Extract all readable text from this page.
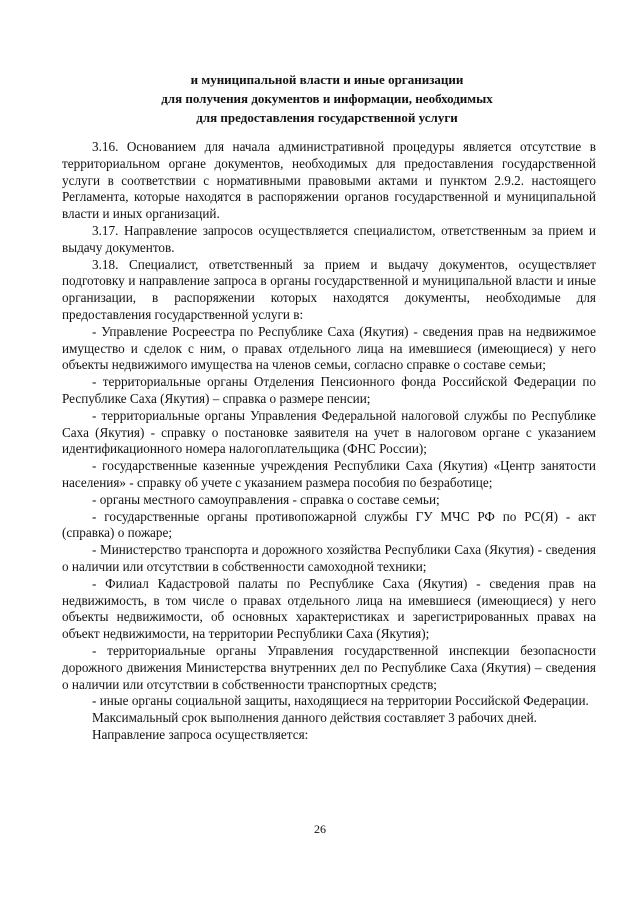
и муниципальной власти и иные организации
для получения документов и информации, необходимых
для предоставления государственной услуги

3.16. Основанием для начала административной процедуры является отсутствие в территориальном органе документов, необходимых для предоставления государственной услуги в соответствии с нормативными правовыми актами и пунктом 2.9.2. настоящего Регламента, которые находятся в распоряжении органов государственной и муниципальной власти и иных организаций.

3.17. Направление запросов осуществляется специалистом, ответственным за прием и выдачу документов.

3.18. Специалист, ответственный за прием и выдачу документов, осуществляет подготовку и направление запроса в органы государственной и муниципальной власти и иные организации, в распоряжении которых находятся документы, необходимые для предоставления государственной услуги в:

- Управление Росреестра по Республике Саха (Якутия) - сведения прав на недвижимое имущество и сделок с ним, о правах отдельного лица на имевшиеся (имеющиеся) у него объекты недвижимого имущества на членов семьи, согласно справке о составе семьи;

- территориальные органы Отделения Пенсионного фонда Российской Федерации по Республике Саха (Якутия) – справка о размере пенсии;

- территориальные органы Управления Федеральной налоговой службы по Республике Саха (Якутия) - справку о постановке заявителя на учет в налоговом органе с указанием идентификационного номера налогоплательщика (ФНС России);

- государственные казенные учреждения Республики Саха (Якутия) «Центр занятости населения» - справку об учете с указанием размера пособия по безработице;

- органы местного самоуправления - справка о составе семьи;

- государственные органы противопожарной службы ГУ МЧС РФ по РС(Я) - акт (справка) о пожаре;

- Министерство транспорта и дорожного хозяйства Республики Саха (Якутия) - сведения о наличии или отсутствии в собственности самоходной техники;

- Филиал Кадастровой палаты по Республике Саха (Якутия) - сведения прав на недвижимость, в том числе о правах отдельного лица на имевшиеся (имеющиеся) у него объекты недвижимости, об основных характеристиках и зарегистрированных правах на объект недвижимости, на территории Республики Саха (Якутия);

- территориальные органы Управления государственной инспекции безопасности дорожного движения Министерства внутренних дел по Республике Саха (Якутия) – сведения о наличии или отсутствии в собственности транспортных средств;

- иные органы социальной защиты, находящиеся на территории Российской Федерации.

Максимальный срок выполнения данного действия составляет 3 рабочих дней.

Направление запроса осуществляется:

26
